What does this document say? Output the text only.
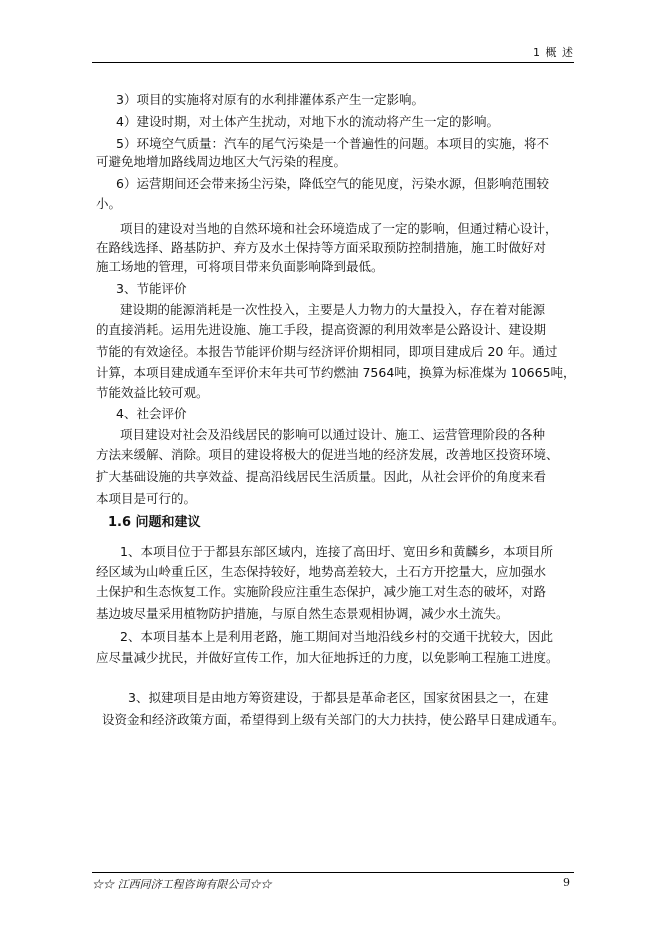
1 概 述
3）项目的实施将对原有的水利排灌体系产生一定影响。
4）建设时期，对土体产生扰动，对地下水的流动将产生一定的影响。
5）环境空气质量：汽车的尾气污染是一个普遍性的问题。本项目的实施，将不
可避免地增加路线周边地区大气污染的程度。
6）运营期间还会带来扬尘污染，降低空气的能见度，污染水源，但影响范围较
小。
项目的建设对当地的自然环境和社会环境造成了一定的影响，但通过精心设计，
在路线选择、路基防护、弃方及水土保持等方面采取预防控制措施，施工时做好对
施工场地的管理，可将项目带来负面影响降到最低。
3、节能评价
建设期的能源消耗是一次性投入，主要是人力物力的大量投入，存在着对能源
的直接消耗。运用先进设施、施工手段，提高资源的利用效率是公路设计、建设期
节能的有效途径。本报告节能评价期与经济评价期相同，即项目建成后 20 年。通过
计算，本项目建成通车至评价末年共可节约燃油 7564吨，换算为标准煤为 10665吨，
节能效益比较可观。
4、社会评价
项目建设对社会及沿线居民的影响可以通过设计、施工、运营管理阶段的各种
方法来缓解、消除。项目的建设将极大的促进当地的经济发展，改善地区投资环境、
扩大基础设施的共享效益、提高沿线居民生活质量。因此，从社会评价的角度来看
本项目是可行的。
1.6 问题和建议
1、本项目位于于都县东部区域内，连接了高田圩、宽田乡和黄麟乡，本项目所
经区域为山岭重丘区，生态保持较好，地势高差较大，土石方开挖量大，应加强水
土保护和生态恢复工作。实施阶段应注重生态保护，减少施工对生态的破坏，对路
基边坡尽量采用植物防护措施，与原自然生态景观相协调，减少水土流失。
2、本项目基本上是利用老路，施工期间对当地沿线乡村的交通干扰较大，因此
应尽量减少扰民，并做好宣传工作，加大征地拆迁的力度，以免影响工程施工进度。
3、拟建项目是由地方筹资建设，于都县是革命老区，国家贫困县之一，在建
设资金和经济政策方面，希望得到上级有关部门的大力扶持，使公路早日建成通车。
☆☆ 江西同济工程咨询有限公司☆☆	9
